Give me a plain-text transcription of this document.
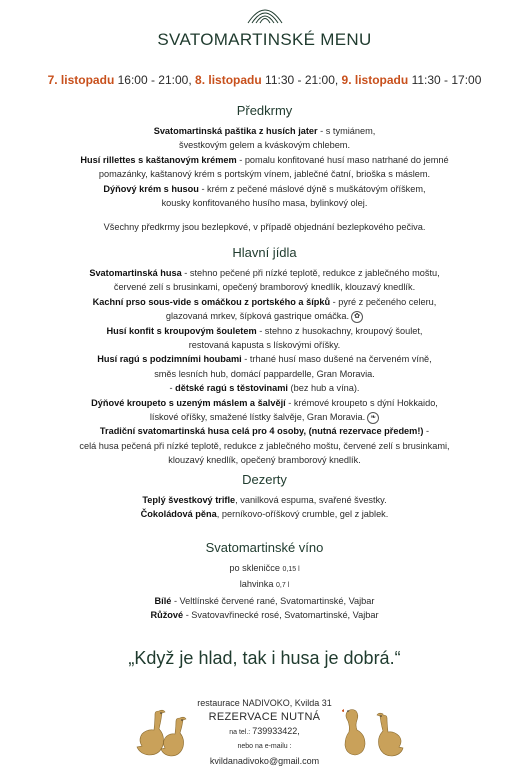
SVATOMARTINSKÉ MENU
7. listopadu 16:00 - 21:00, 8. listopadu 11:30 - 21:00, 9. listopadu 11:30 - 17:00
Předkrmy
Svatomartinská paštika z husích jater - s tymiánem,
švestkovým gelem a kváskovým chlebem.
Husí rillettes s kaštanovým krémem - pomalu konfitované husí maso natrhané do jemné
pomazánky, kaštanový krém s portským vínem, jablečné čatní, brioška s máslem.
Dýňový krém s husou - krém z pečené máslové dýně s muškátovým oříškem,
kousky konfitovaného husího masa, bylinkový olej.
Všechny předkrmy jsou bezlepkové, v případě objednání bezlepkového pečiva.
Hlavní jídla
Svatomartinská husa - stehno pečené při nízké teplotě, redukce z jablečného moštu,
červené zelí s brusinkami, opečený bramborový knedlík, klouzavý knedlík.
Kachní prso sous-vide s omáčkou z portského a šípků - pyré z pečeného celeru,
glazovaná mrkev, šípková gastrique omáčka. ✿
Husí konfit s kroupovým šouletem - stehno z husokachny, kroupový šoulet,
restovaná kapusta s lískovými oříšky.
Husí ragú s podzimními houbami - trhané husí maso dušené na červeném víně,
směs lesních hub, domácí pappardelle, Gran Moravia.
- dětské ragú s těstovinami (bez hub a vína).
Dýňové kroupeto s uzeným máslem a šalvějí - krémové kroupeto s dýní Hokkaido,
lískové oříšky, smažené lístky šalvěje, Gran Moravia. ❧
Tradiční svatomartinská husa celá pro 4 osoby, (nutná rezervace předem!) -
celá husa pečená při nízké teplotě, redukce z jablečného moštu, červené zelí s brusinkami,
klouzavý knedlík, opečený bramborový knedlík.
Dezerty
Teplý švestkový trifle, vanilková espuma, svařené švestky.
Čokoládová pěna, perníkovo-oříškový crumble, gel z jablek.
Svatomartinské víno
po skleničce 0,15 l
lahvinka 0,7 l
Bílé - Veltlínské červené rané, Svatomartinské, Vajbar
Růžové - Svatovavřinecké rosé, Svatomartinské, Vajbar
„Když je hlad, tak i husa je dobrá.“
restaurace NADIVOKO, Kvilda 31
REZERVACE NUTNÁ
na tel.: 739933422,
nebo na e-mailu :
kvildanadivoko@gmail.com
